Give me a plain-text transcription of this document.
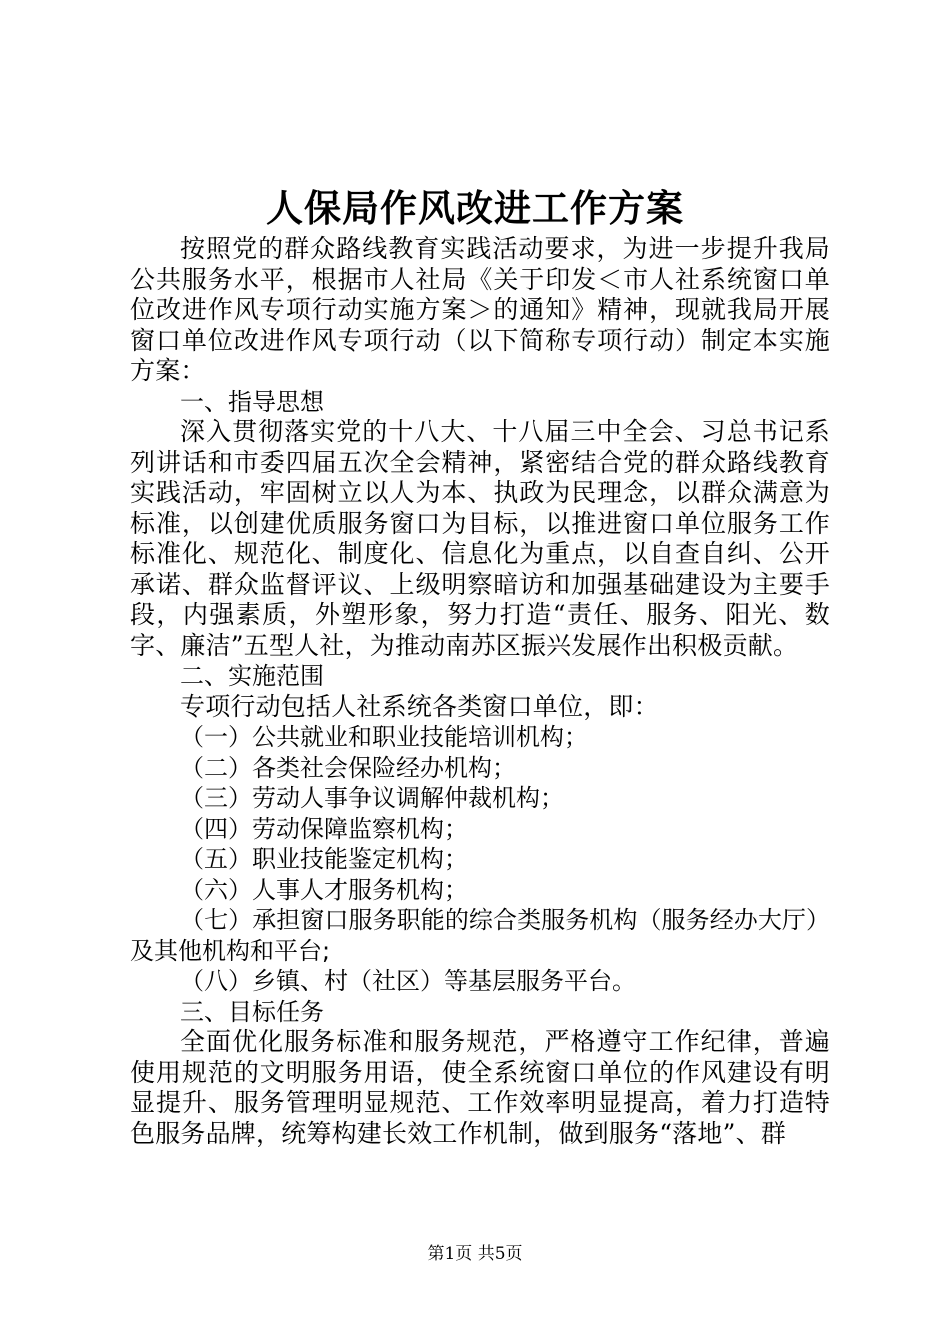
人保局作风改进工作方案

按照党的群众路线教育实践活动要求，为进一步提升我局公共服务水平，根据市人社局《关于印发＜市人社系统窗口单位改进作风专项行动实施方案＞的通知》精神，现就我局开展窗口单位改进作风专项行动（以下简称专项行动）制定本实施方案：

一、指导思想

深入贯彻落实党的十八大、十八届三中全会、习总书记系列讲话和市委四届五次全会精神，紧密结合党的群众路线教育实践活动，牢固树立以人为本、执政为民理念，以群众满意为标准，以创建优质服务窗口为目标，以推进窗口单位服务工作标准化、规范化、制度化、信息化为重点，以自查自纠、公开承诺、群众监督评议、上级明察暗访和加强基础建设为主要手段，内强素质，外塑形象，努力打造“责任、服务、阳光、数字、廉洁”五型人社，为推动南苏区振兴发展作出积极贡献。

二、实施范围

专项行动包括人社系统各类窗口单位，即：

（一）公共就业和职业技能培训机构；

（二）各类社会保险经办机构；

（三）劳动人事争议调解仲裁机构；

（四）劳动保障监察机构；

（五）职业技能鉴定机构；

（六）人事人才服务机构；

（七）承担窗口服务职能的综合类服务机构（服务经办大厅）及其他机构和平台;

（八）乡镇、村（社区）等基层服务平台。

三、目标任务

全面优化服务标准和服务规范，严格遵守工作纪律，普遍使用规范的文明服务用语，使全系统窗口单位的作风建设有明显提升、服务管理明显规范、工作效率明显提高，着力打造特色服务品牌，统筹构建长效工作机制，做到服务“落地”、群

第1页 共5页
